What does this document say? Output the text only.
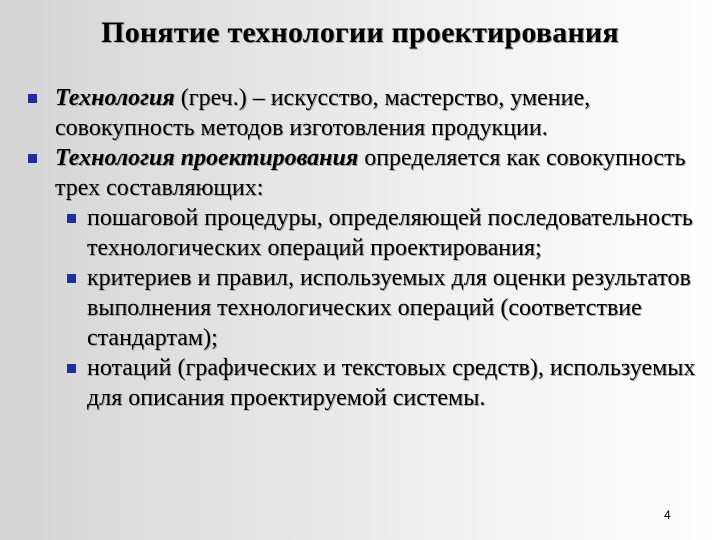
Понятие технологии проектирования
Технология (греч.) – искусство, мастерство, умение, совокупность методов изготовления продукции.
Технология проектирования определяется как совокупность трех составляющих:
пошаговой процедуры, определяющей последовательность технологических операций проектирования;
критериев и правил, используемых для оценки результатов выполнения технологических операций (соответствие стандартам);
нотаций (графических и текстовых средств), используемых для описания проектируемой системы.
4
